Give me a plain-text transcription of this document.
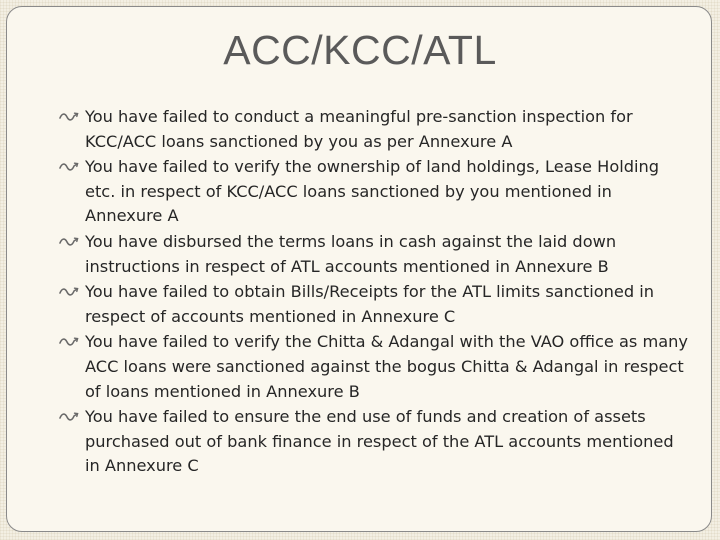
ACC/KCC/ATL
You have failed to conduct a meaningful pre-sanction inspection for KCC/ACC loans sanctioned by you as per Annexure A
You have failed to verify the ownership of land holdings, Lease Holding etc. in respect of KCC/ACC loans sanctioned by you mentioned in Annexure A
You have disbursed the terms loans in cash against the laid down instructions in respect of ATL accounts mentioned in Annexure B
You have failed to obtain Bills/Receipts for the ATL limits sanctioned in respect of accounts mentioned in Annexure C
You have failed to verify the Chitta & Adangal with the VAO office as many ACC loans were sanctioned against the bogus Chitta & Adangal in respect of loans mentioned in Annexure B
You have failed to ensure the end use of funds and creation of assets purchased out of bank finance in respect of the ATL accounts mentioned in Annexure C
